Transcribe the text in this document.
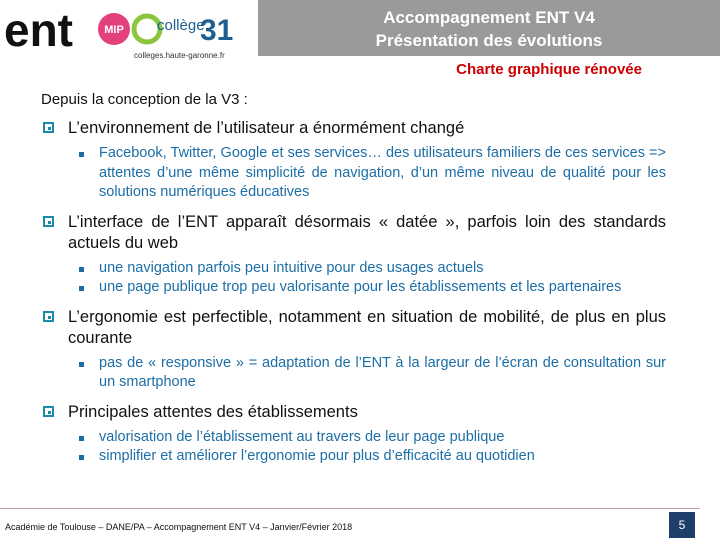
ent	MIP collège
31
colleges.haute-garonne.fr
Accompagnement ENT V4
Présentation des évolutions
Charte graphique rénovée
Depuis la conception de la V3 :
L’environnement de l’utilisateur a énormément changé
Facebook, Twitter, Google et ses services… des utilisateurs familiers de ces services => attentes d’une même simplicité de navigation, d’un même niveau de qualité pour les solutions numériques éducatives
L’interface de l’ENT apparaît désormais « datée », parfois loin des standards actuels du web
une navigation parfois peu intuitive pour des usages actuels
une page publique trop peu valorisante pour les établissements et les partenaires
L’ergonomie est perfectible, notamment en situation de mobilité, de plus en plus courante
pas de « responsive » = adaptation de l’ENT à la largeur de l’écran de consultation sur un smartphone
Principales attentes des établissements
valorisation de l’établissement au travers de leur page publique
simplifier et améliorer l’ergonomie pour plus d’efficacité au quotidien
Académie de Toulouse – DANE/PA – Accompagnement ENT V4 – Janvier/Février 2018	5
